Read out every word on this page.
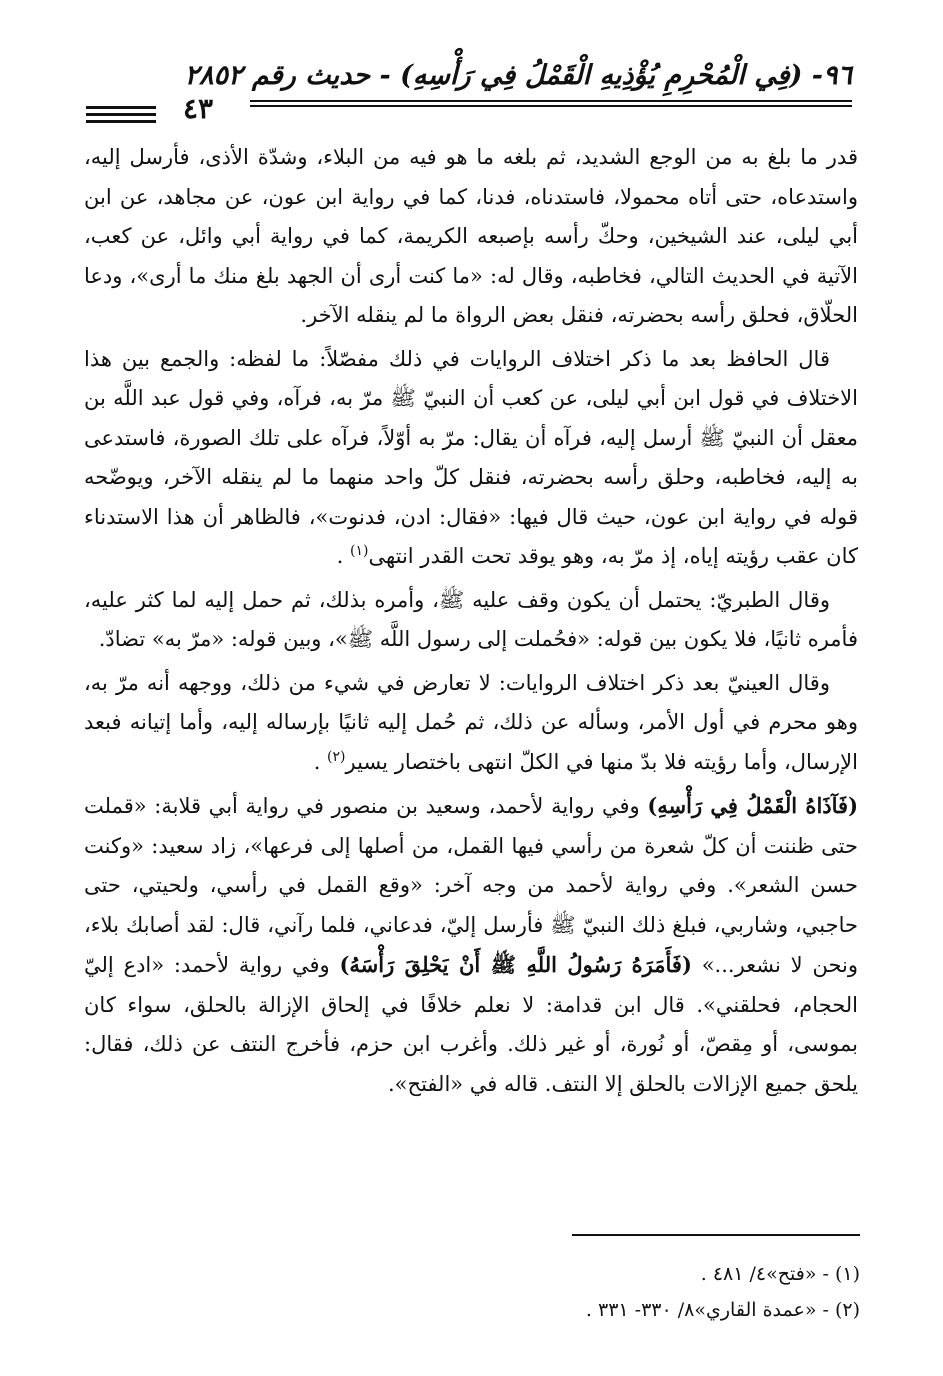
٩٦- (فِي الْمُحْرِمِ يُؤْذِيهِ الْقَمْلُ فِي رَأْسِهِ) - حديث رقم ٢٨٥٢
٤٣

قدر ما بلغ به من الوجع الشديد، ثم بلغه ما هو فيه من البلاء، وشدّة الأذى، فأرسل إليه، واستدعاه، حتى أتاه محمولا، فاستدناه، فدنا، كما في رواية ابن عون، عن مجاهد، عن ابن أبي ليلى، عند الشيخين، وحكّ رأسه بإصبعه الكريمة، كما في رواية أبي وائل، عن كعب، الآتية في الحديث التالي، فخاطبه، وقال له: «ما كنت أرى أن الجهد بلغ منك ما أرى»، ودعا الحلّاق، فحلق رأسه بحضرته، فنقل بعض الرواة ما لم ينقله الآخر.

قال الحافظ بعد ما ذكر اختلاف الروايات في ذلك مفصّلاً: ما لفظه: والجمع بين هذا الاختلاف في قول ابن أبي ليلى، عن كعب أن النبيّ ﷺ مرّ به، فرآه، وفي قول عبد اللَّه بن معقل أن النبيّ ﷺ أرسل إليه، فرآه أن يقال: مرّ به أوّلاً، فرآه على تلك الصورة، فاستدعى به إليه، فخاطبه، وحلق رأسه بحضرته، فنقل كلّ واحد منهما ما لم ينقله الآخر، ويوضّحه قوله في رواية ابن عون، حيث قال فيها: «فقال: ادن، فدنوت»، فالظاهر أن هذا الاستدناء كان عقب رؤيته إياه، إذ مرّ به، وهو يوقد تحت القدر انتهى$^{(١)}$ .

وقال الطبريّ: يحتمل أن يكون وقف عليه ﷺ، وأمره بذلك، ثم حمل إليه لما كثر عليه، فأمره ثانيًا، فلا يكون بين قوله: «فحُملت إلى رسول اللَّه ﷺ»، وبين قوله: «مرّ به» تضادّ.

وقال العينيّ بعد ذكر اختلاف الروايات: لا تعارض في شيء من ذلك، ووجهه أنه مرّ به، وهو محرم في أول الأمر، وسأله عن ذلك، ثم حُمل إليه ثانيًا بإرساله إليه، وأما إتيانه فبعد الإرسال، وأما رؤيته فلا بدّ منها في الكلّ انتهى باختصار يسير$^{(٢)}$ .

(فَآذَاهُ الْقَمْلُ فِي رَأْسِهِ) وفي رواية لأحمد، وسعيد بن منصور في رواية أبي قلابة: «قملت حتى ظننت أن كلّ شعرة من رأسي فيها القمل، من أصلها إلى فرعها»، زاد سعيد: «وكنت حسن الشعر». وفي رواية لأحمد من وجه آخر: «وقع القمل في رأسي، ولحيتي، حتى حاجبي، وشاربي، فبلغ ذلك النبيّ ﷺ فأرسل إليّ، فدعاني، فلما رآني، قال: لقد أصابك بلاء، ونحن لا نشعر...» (فَأَمَرَهُ رَسُولُ اللَّهِ ﷺ أَنْ يَحْلِقَ رَأْسَهُ) وفي رواية لأحمد: «ادع إليّ الحجام، فحلقني». قال ابن قدامة: لا نعلم خلافًا في إلحاق الإزالة بالحلق، سواء كان بموسى، أو مِقصّ، أو نُورة، أو غير ذلك. وأغرب ابن حزم، فأخرج النتف عن ذلك، فقال: يلحق جميع الإزالات بالحلق إلا النتف. قاله في «الفتح».

(١) - «فتح»٤/ ٤٨١ .
(٢) - «عمدة القاري»٨/ ٣٣٠- ٣٣١ .
